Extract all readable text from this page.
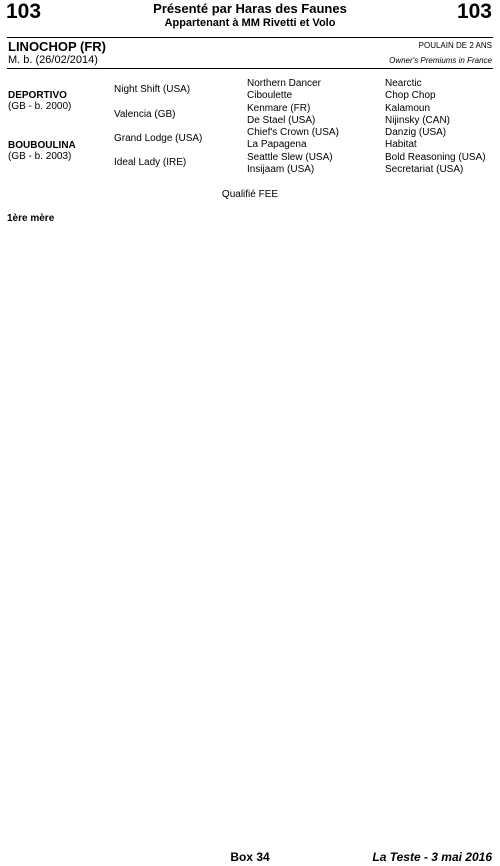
103	Présenté par Haras des Faunes
Appartenant à MM Rivetti et Volo	103
LINOCHOP (FR)
M. b. (26/02/2014)
POULAIN DE 2 ANS
Owner's Premiums in France
DEPORTIVO
(GB - b. 2000)
BOUBOULINA
(GB - b. 2003)
Night Shift (USA)
Valencia (GB)
Grand Lodge (USA)
Ideal Lady (IRE)
Northern Dancer
Ciboulette
Kenmare (FR)
De Stael (USA)
Chief's Crown (USA)
La Papagena
Seattle Slew (USA)
Insijaam (USA)
Nearctic
Chop Chop
Kalamoun
Nijinsky (CAN)
Danzig (USA)
Habitat
Bold Reasoning (USA)
Secretariat (USA)
Qualifié FEE

1ère mère

Box 34	La Teste - 3 mai 2016
